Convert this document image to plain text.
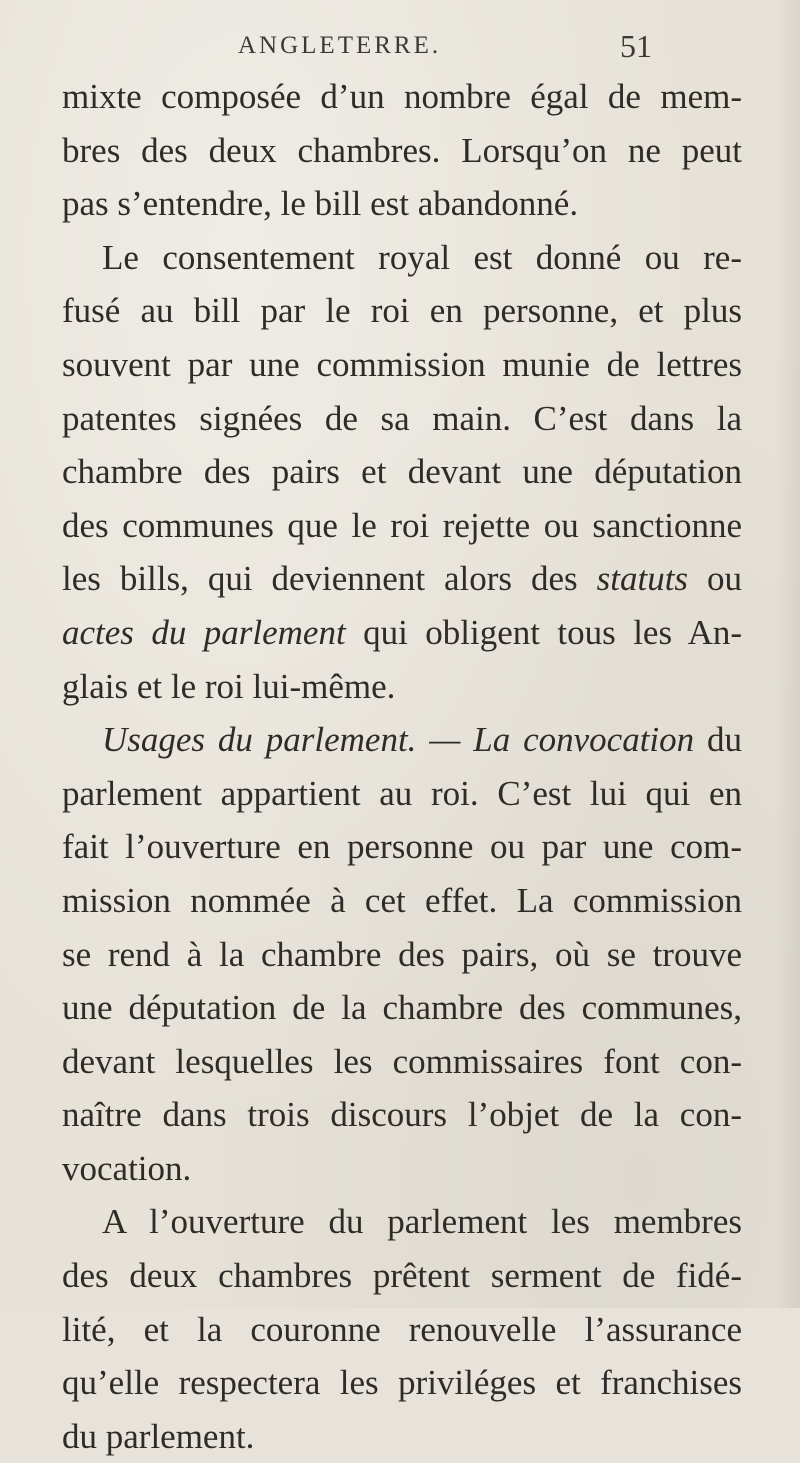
ANGLETERRE.	51
mixte composée d’un nombre égal de mem-
bres des deux chambres. Lorsqu’on ne peut
pas s’entendre, le bill est abandonné.
Le consentement royal est donné ou re-
fusé au bill par le roi en personne, et plus
souvent par une commission munie de lettres
patentes signées de sa main. C’est dans la
chambre des pairs et devant une députation
des communes que le roi rejette ou sanctionne
les bills, qui deviennent alors des statuts ou
actes du parlement qui obligent tous les An-
glais et le roi lui-même.
Usages du parlement. — La convocation du
parlement appartient au roi. C’est lui qui en
fait l’ouverture en personne ou par une com-
mission nommée à cet effet. La commission
se rend à la chambre des pairs, où se trouve
une députation de la chambre des communes,
devant lesquelles les commissaires font con-
naître dans trois discours l’objet de la con-
vocation.
A l’ouverture du parlement les membres
des deux chambres prêtent serment de fidé-
lité, et la couronne renouvelle l’assurance
qu’elle respectera les priviléges et franchises
du parlement.
